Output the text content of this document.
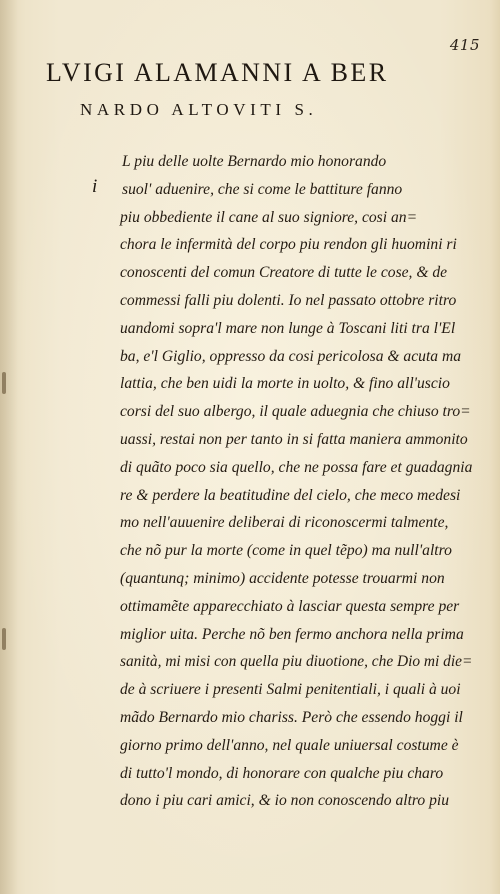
415
LVIGI ALAMANNI A BER
NARDO ALTOVITI S.
i
L piu delle uolte Bernardo mio honorando
suol' aduenire, che si come le battiture fanno
piu obbediente il cane al suo signiore, cosi an=
chora le infermità del corpo piu rendon gli huomini ri
conoscenti del comun Creatore di tutte le cose, & de
commessi falli piu dolenti. Io nel passato ottobre ritro
uandomi sopra'l mare non lunge à Toscani liti tra l'El
ba, e'l Giglio, oppresso da cosi pericolosa & acuta ma
lattia, che ben uidi la morte in uolto, & fino all'uscio
corsi del suo albergo, il quale aduegnia che chiuso tro=
uassi, restai non per tanto in si fatta maniera ammonito
di quãto poco sia quello, che ne possa fare et guadagnia
re & perdere la beatitudine del cielo, che meco medesi
mo nell'auuenire deliberai di riconoscermi talmente,
che nõ pur la morte (come in quel tẽpo) ma null'altro
(quantunq; minimo) accidente potesse trouarmi non
ottimamẽte apparecchiato à lasciar questa sempre per
miglior uita. Perche nõ ben fermo anchora nella prima
sanità, mi misi con quella piu diuotione, che Dio mi die=
de à scriuere i presenti Salmi penitentiali, i quali à uoi
mãdo Bernardo mio chariss. Però che essendo hoggi il
giorno primo dell'anno, nel quale uniuersal costume è
di tutto'l mondo, di honorare con qualche piu charo
dono i piu cari amici, & io non conoscendo altro piu
